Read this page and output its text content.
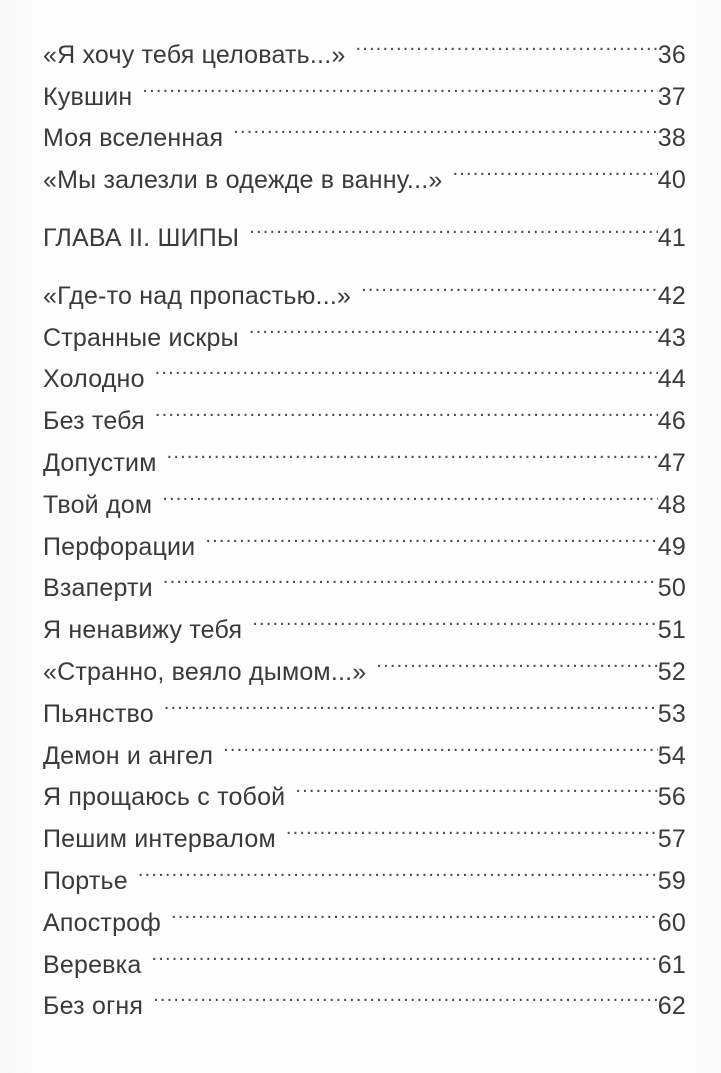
«Я хочу тебя целовать...» .....	36
Кувшин .....	37
Моя вселенная .....	38
«Мы залезли в одежде в ванну...» .....	40
ГЛАВА II. ШИПЫ .....	41
«Где-то над пропастью...» .....	42
Странные искры .....	43
Холодно .....	44
Без тебя .....	46
Допустим .....	47
Твой дом .....	48
Перфорации .....	49
Взаперти .....	50
Я ненавижу тебя .....	51
«Странно, веяло дымом...» .....	52
Пьянство .....	53
Демон и ангел .....	54
Я прощаюсь с тобой .....	56
Пешим интервалом .....	57
Портье .....	59
Апостроф .....	60
Веревка .....	61
Без огня .....	62
